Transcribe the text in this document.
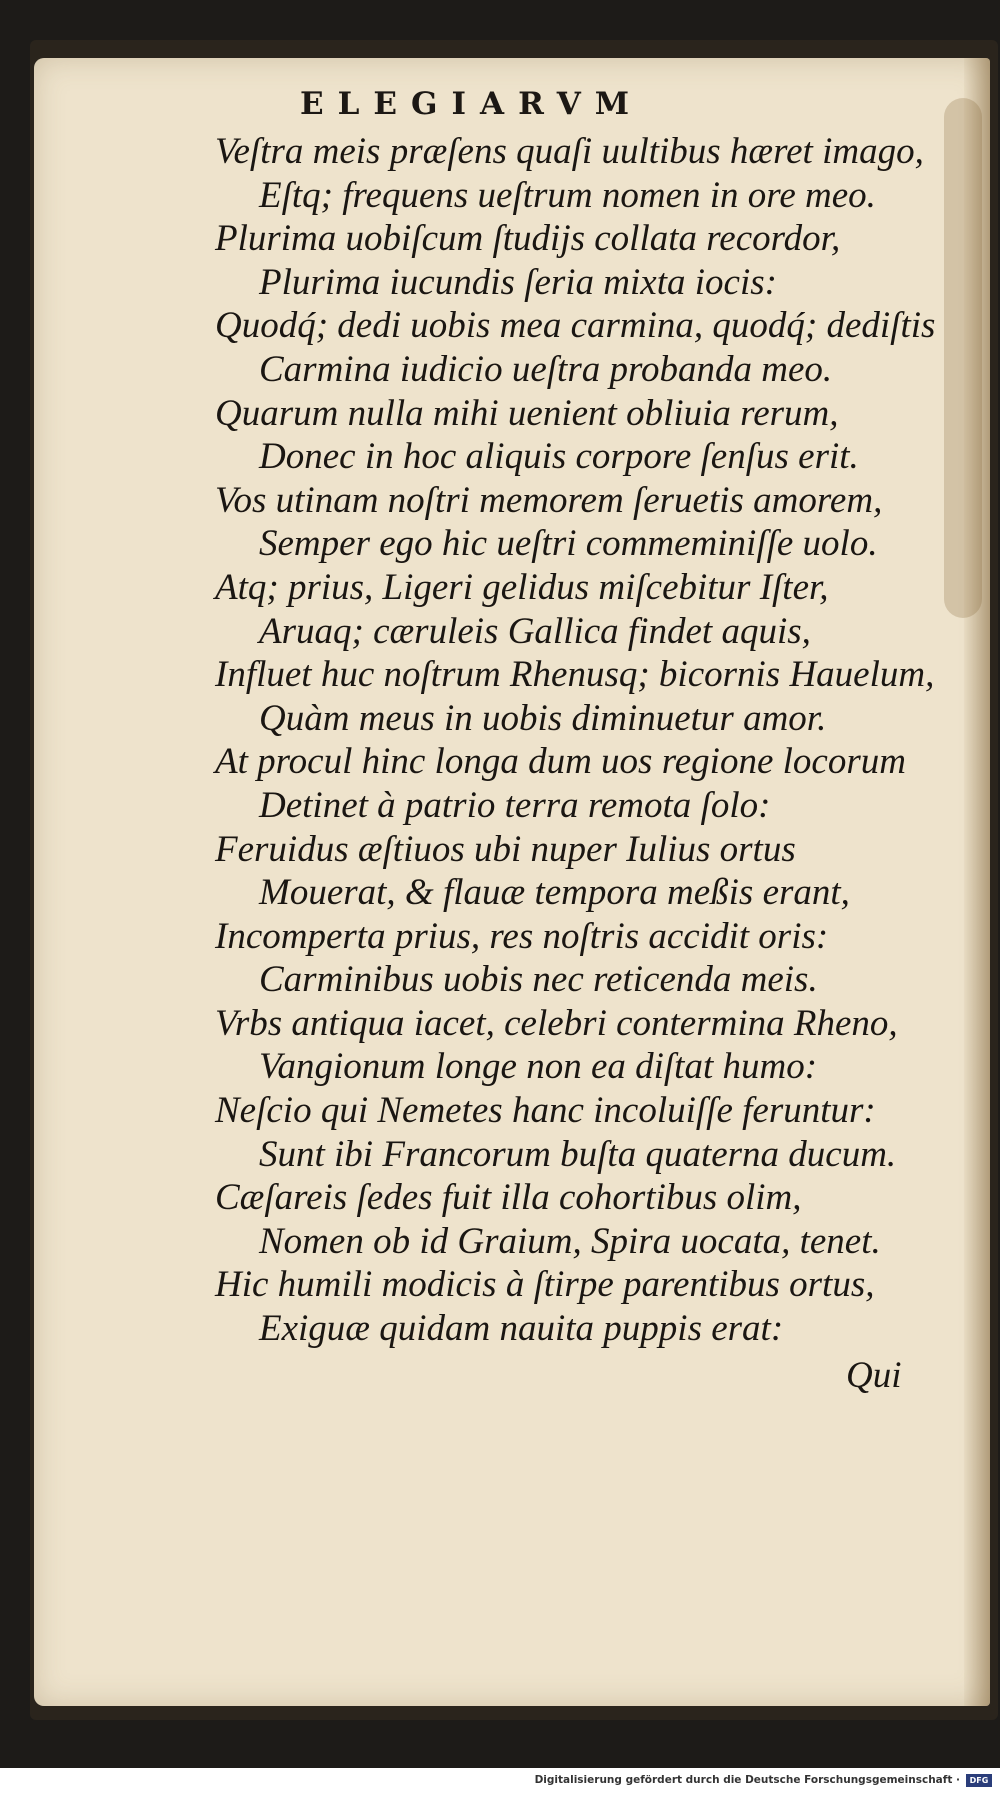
ELEGIARVM
Veſtra meis præſens quaſi uultibus hæret imago,
Eſtq; frequens ueſtrum nomen in ore meo.
Plurima uobiſcum ſtudijs collata recordor,
Plurima iucundis ſeria mixta iocis:
Quodq́; dedi uobis mea carmina, quodq́; dediſtis
Carmina iudicio ueſtra probanda meo.
Quarum nulla mihi uenient obliuia rerum,
Donec in hoc aliquis corpore ſenſus erit.
Vos utinam noſtri memorem ſeruetis amorem,
Semper ego hic ueſtri commeminiſſe uolo.
Atq; prius, Ligeri gelidus miſcebitur Iſter,
Aruaq; cæruleis Gallica findet aquis,
Influet huc noſtrum Rhenusq; bicornis Hauelum,
Quàm meus in uobis diminuetur amor.
At procul hinc longa dum uos regione locorum
Detinet à patrio terra remota ſolo:
Feruidus æſtiuos ubi nuper Iulius ortus
Mouerat, & flauæ tempora meßis erant,
Incomperta prius, res noſtris accidit oris:
Carminibus uobis nec reticenda meis.
Vrbs antiqua iacet, celebri contermina Rheno,
Vangionum longe non ea diſtat humo:
Neſcio qui Nemetes hanc incoluiſſe feruntur:
Sunt ibi Francorum buſta quaterna ducum.
Cæſareis ſedes fuit illa cohortibus olim,
Nomen ob id Graium, Spira uocata, tenet.
Hic humili modicis à ſtirpe parentibus ortus,
Exiguæ quidam nauita puppis erat:
Qui
Digitalisierung gefördert durch die Deutsche Forschungsgemeinschaft ·	DFG
